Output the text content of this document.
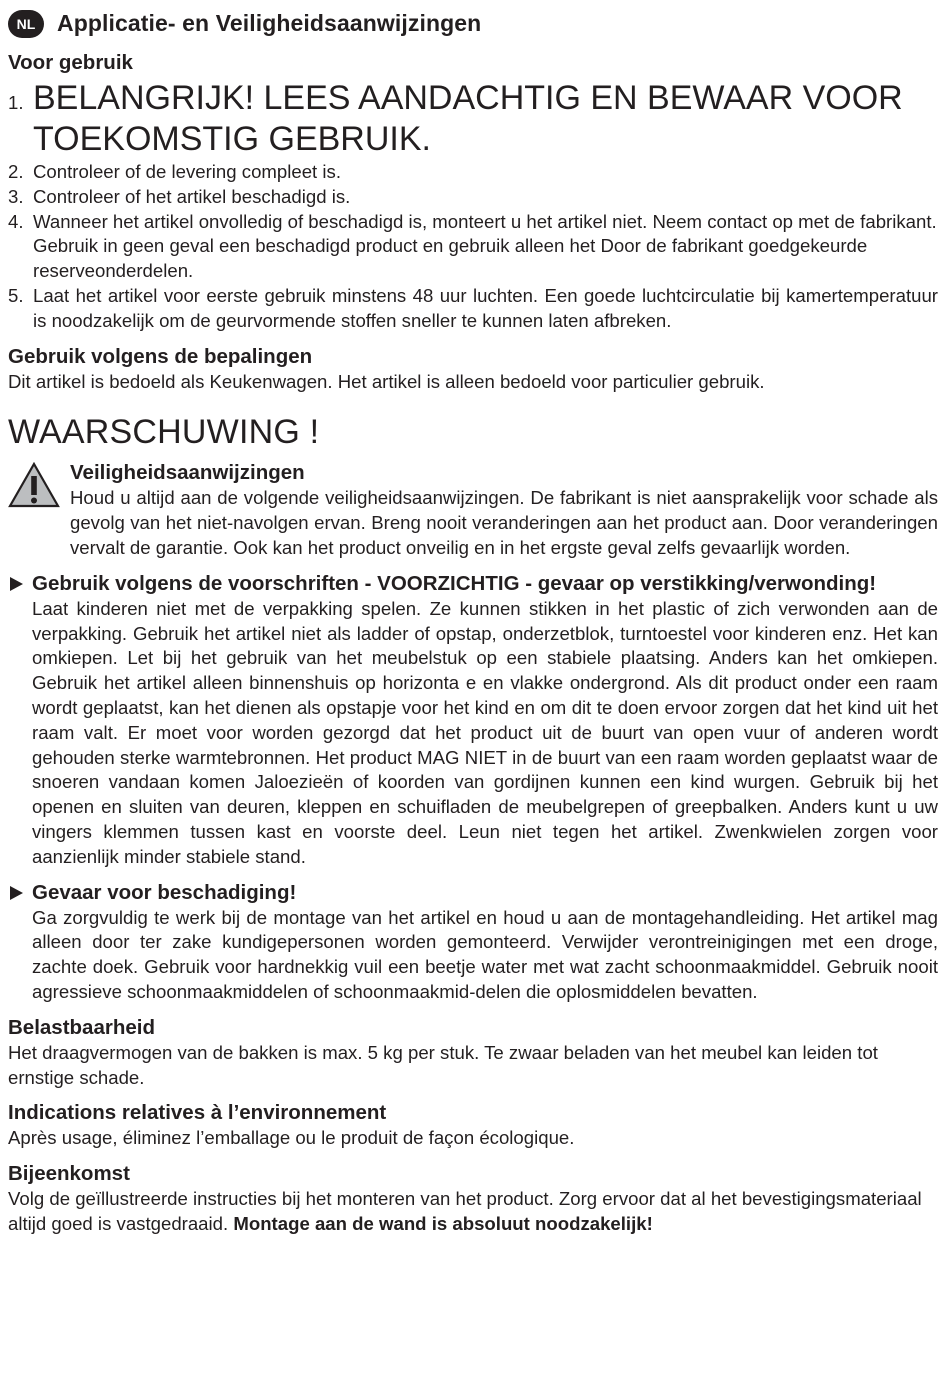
NL Applicatie- en Veiligheidsaanwijzingen
Voor gebruik
1. BELANGRIJK! LEES AANDACHTIG EN BEWAAR VOOR TOEKOMSTIG GEBRUIK.
2. Controleer of de levering compleet is.
3. Controleer of het artikel beschadigd is.
4. Wanneer het artikel onvolledig of beschadigd is, monteert u het artikel niet. Neem contact op met de fabrikant. Gebruik in geen geval een beschadigd product en gebruik alleen het Door de fabrikant goedgekeurde reserveonderdelen.
5. Laat het artikel voor eerste gebruik minstens 48 uur luchten. Een goede luchtcirculatie bij kamertemperatuur is noodzakelijk om de geurvormende stoffen sneller te kunnen laten afbreken.
Gebruik volgens de bepalingen

Dit artikel is bedoeld als Keukenwagen. Het artikel is alleen bedoeld voor particulier gebruik.

WAARSCHUWING !
Veiligheidsaanwijzingen

Houd u altijd aan de volgende veiligheidsaanwijzingen. De fabrikant is niet aansprakelijk voor schade als gevolg van het niet-navolgen ervan. Breng nooit veranderingen aan het product aan. Door veranderingen vervalt de garantie. Ook kan het product onveilig en in het ergste geval zelfs gevaarlijk worden.

Gebruik volgens de voorschriften - VOORZICHTIG - gevaar op verstikking/verwonding!

Laat kinderen niet met de verpakking spelen. Ze kunnen stikken in het plastic of zich verwonden aan de verpakking. Gebruik het artikel niet als ladder of opstap, onderzetblok, turntoestel voor kinderen enz. Het kan omkiepen. Let bij het gebruik van het meubelstuk op een stabiele plaatsing. Anders kan het omkiepen. Gebruik het artikel alleen binnenshuis op horizonta e en vlakke ondergrond. Als dit product onder een raam wordt geplaatst, kan het dienen als opstapje voor het kind en om dit te doen ervoor zorgen dat het kind uit het raam valt. Er moet voor worden gezorgd dat het product uit de buurt van open vuur of anderen wordt gehouden sterke warmtebronnen. Het product MAG NIET in de buurt van een raam worden geplaatst waar de snoeren vandaan komen Jaloezieën of koorden van gordijnen kunnen een kind wurgen. Gebruik bij het openen en sluiten van deuren, kleppen en schuifladen de meubelgrepen of greepbalken. Anders kunt u uw vingers klemmen tussen kast en voorste deel. Leun niet tegen het artikel. Zwenkwielen zorgen voor aanzienlijk minder stabiele stand.

Gevaar voor beschadiging!

Ga zorgvuldig te werk bij de montage van het artikel en houd u aan de montagehandleiding. Het artikel mag alleen door ter zake kundigepersonen worden gemonteerd. Verwijder verontreinigingen met een droge, zachte doek. Gebruik voor hardnekkig vuil een beetje water met wat zacht schoonmaakmiddel. Gebruik nooit agressieve schoonmaakmiddelen of schoonmaakmid-delen die oplosmiddelen bevatten.

Belastbaarheid

Het draagvermogen van de bakken is max. 5 kg per stuk. Te zwaar beladen van het meubel kan leiden tot ernstige schade.

Indications relatives à l’environnement

Après usage, éliminez l’emballage ou le produit de façon écologique.

Bijeenkomst

Volg de geïllustreerde instructies bij het monteren van het product. Zorg ervoor dat al het bevestigingsmateriaal altijd goed is vastgedraaid. Montage aan de wand is absoluut noodzakelijk!
